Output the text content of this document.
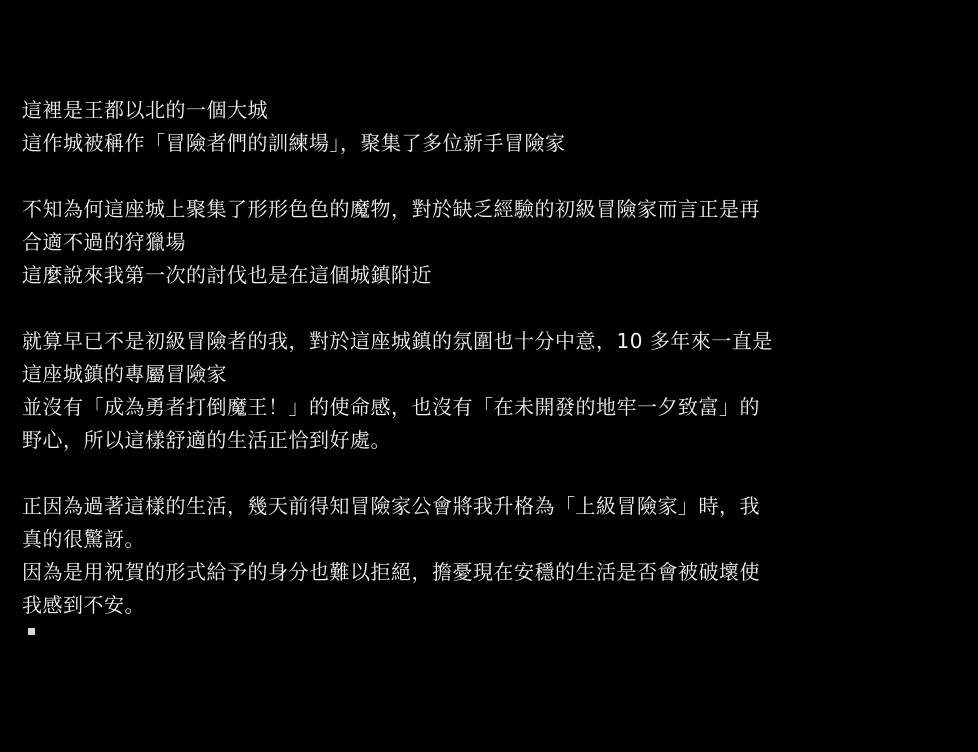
這裡是王都以北的一個大城
這作城被稱作「冒險者們的訓練場」，聚集了多位新手冒險家
不知為何這座城上聚集了形形色色的魔物，對於缺乏經驗的初級冒險家而言正是再
合適不過的狩獵場
這麼說來我第一次的討伐也是在這個城鎮附近
就算早已不是初級冒險者的我，對於這座城鎮的氛圍也十分中意，10 多年來一直是
這座城鎮的專屬冒險家
並沒有「成為勇者打倒魔王！」的使命感，也沒有「在未開發的地牢一夕致富」的
野心，所以這樣舒適的生活正恰到好處。
正因為過著這樣的生活，幾天前得知冒險家公會將我升格為「上級冒險家」時，我
真的很驚訝。
因為是用祝賀的形式給予的身分也難以拒絕，擔憂現在安穩的生活是否會被破壞使
我感到不安。
